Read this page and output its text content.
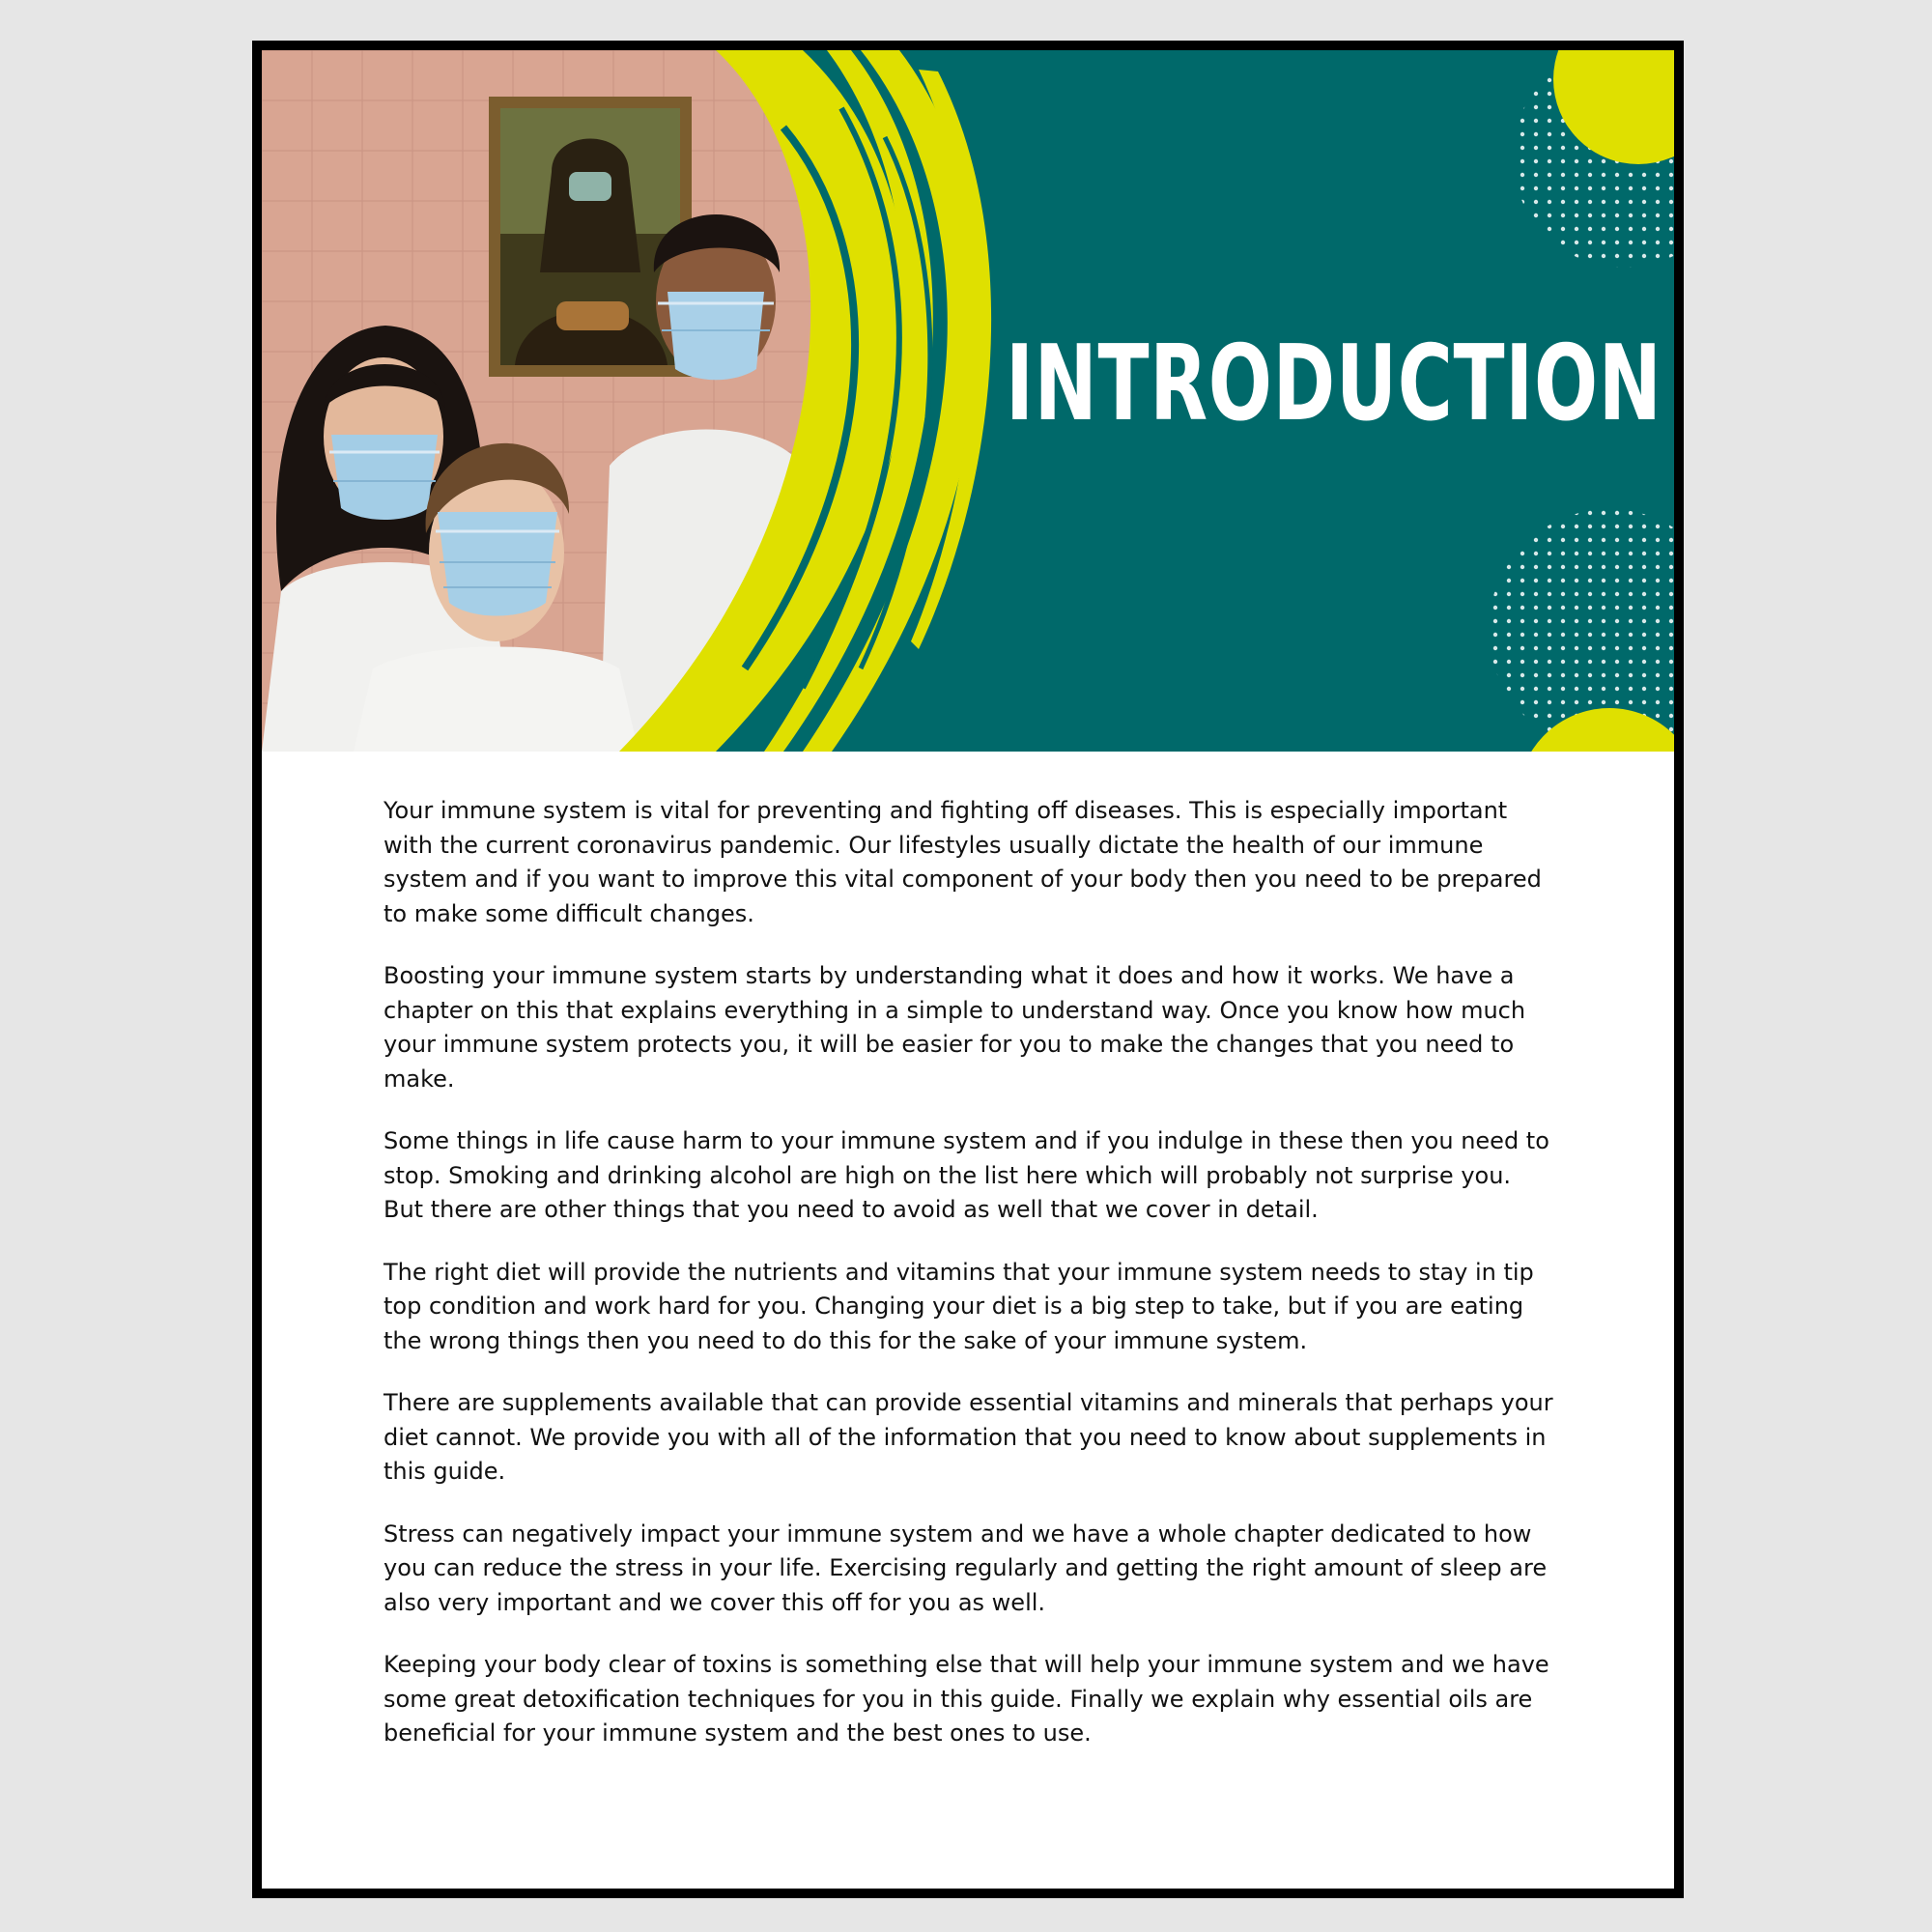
INTRODUCTION

Your immune system is vital for preventing and fighting off diseases. This is especially important with the current coronavirus pandemic. Our lifestyles usually dictate the health of our immune system and if you want to improve this vital component of your body then you need to be prepared to make some difficult changes.

Boosting your immune system starts by understanding what it does and how it works. We have a chapter on this that explains everything in a simple to understand way. Once you know how much your immune system protects you, it will be easier for you to make the changes that you need to make.

Some things in life cause harm to your immune system and if you indulge in these then you need to stop. Smoking and drinking alcohol are high on the list here which will probably not surprise you. But there are other things that you need to avoid as well that we cover in detail.

The right diet will provide the nutrients and vitamins that your immune system needs to stay in tip top condition and work hard for you. Changing your diet is a big step to take, but if you are eating the wrong things then you need to do this for the sake of your immune system.

There are supplements available that can provide essential vitamins and minerals that perhaps your diet cannot. We provide you with all of the information that you need to know about supplements in this guide.

Stress can negatively impact your immune system and we have a whole chapter dedicated to how you can reduce the stress in your life. Exercising regularly and getting the right amount of sleep are also very important and we cover this off for you as well.

Keeping your body clear of toxins is something else that will help your immune system and we have some great detoxification techniques for you in this guide. Finally we explain why essential oils are beneficial for your immune system and the best ones to use.
